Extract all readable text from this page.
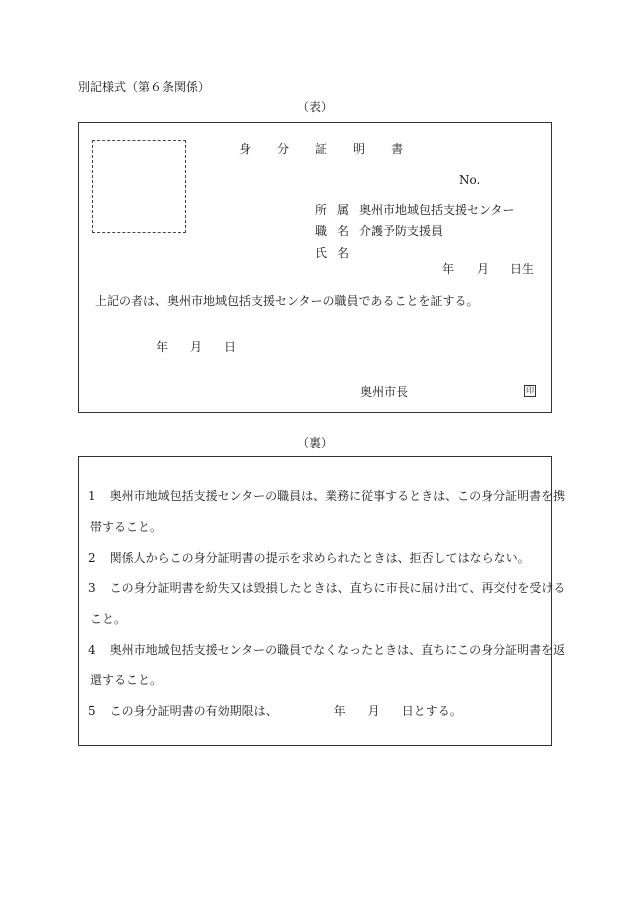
別記様式（第６条関係）
（表）
身 分 証 明 書
No.
所 属 奥州市地域包括支援センター
職 名 介護予防支援員
氏 名
年 月 日生
上記の者は、奥州市地域包括支援センターの職員であることを証する。
年 月 日
奥州市長	印
（裏）
1 奥州市地域包括支援センターの職員は、業務に従事するときは、この身分証明書を携
帯すること。
2 関係人からこの身分証明書の提示を求められたときは、拒否してはならない。
3 この身分証明書を紛失又は毀損したときは、直ちに市長に届け出て、再交付を受ける
こと。
4 奥州市地域包括支援センターの職員でなくなったときは、直ちにこの身分証明書を返
還すること。
5 この身分証明書の有効期限は、	年 月 日とする。
